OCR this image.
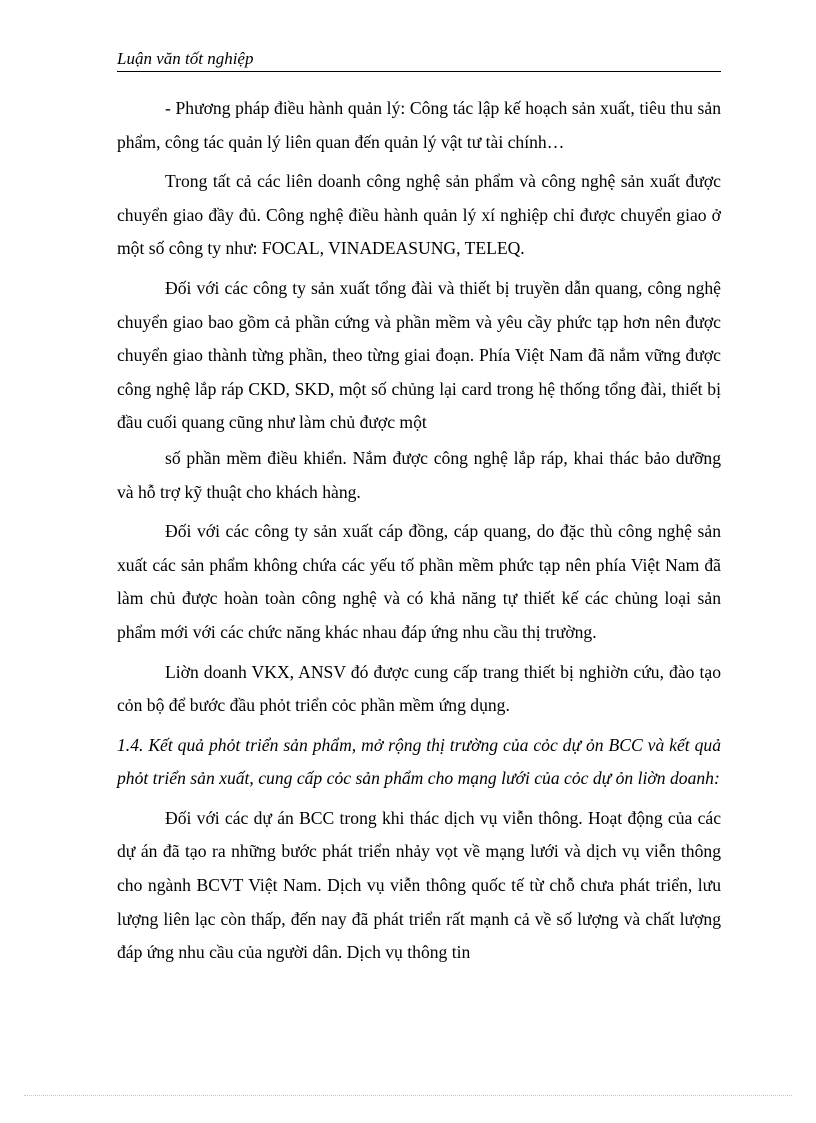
Luận văn tốt nghiệp

- Phương pháp điều hành quản lý: Công tác lập kế hoạch sản xuất, tiêu thu sản phẩm, công tác quản lý liên quan đến quản lý vật tư tài chính…

Trong tất cả các liên doanh công nghệ sản phẩm và công nghệ sản xuất được chuyển giao đầy đủ. Công nghệ điều hành quản lý xí nghiệp chỉ được chuyển giao ở một số công ty như: FOCAL, VINADEASUNG, TELEQ.

Đối với các công ty sản xuất tổng đài và thiết bị truyền dẫn quang, công nghệ chuyển giao bao gồm cả phần cứng và phần mềm và yêu cầy phức tạp hơn nên được chuyển giao thành từng phần, theo từng giai đoạn. Phía Việt Nam đã nắm vững được công nghệ lắp ráp CKD, SKD, một số chủng lại card trong hệ thống tổng đài, thiết bị đầu cuối quang cũng như làm chủ được một

số phần mềm điều khiển. Nắm được công nghệ lắp ráp, khai thác bảo dưỡng và hỗ trợ kỹ thuật cho khách hàng.

Đối với các công ty sản xuất cáp đồng, cáp quang, do đặc thù công nghệ sản xuất các sản phẩm không chứa các yếu tố phần mềm phức tạp nên phía Việt Nam đã làm chủ được hoàn toàn công nghệ và có khả năng tự thiết kế các chủng loại sản phẩm mới với các chức năng khác nhau đáp ứng nhu cầu thị trường.

Liờn doanh VKX, ANSV đó được cung cấp trang thiết bị nghiờn cứu, đào tạo cỏn bộ để bước đầu phỏt triển cỏc phần mềm ứng dụng.

1.4. Kết quả phỏt triển sản phẩm, mở rộng thị trường của cỏc dự ỏn BCC và kết quả phỏt triển sản xuất, cung cấp cỏc sản phẩm cho mạng lưới của cỏc dự ỏn liờn doanh:

Đối với các dự án BCC trong khi thác dịch vụ viễn thông. Hoạt động của các dự án đã tạo ra những bước phát triển nhảy vọt về mạng lưới và dịch vụ viễn thông cho ngành BCVT Việt Nam. Dịch vụ viễn thông quốc tế từ chỗ chưa phát triển, lưu lượng liên lạc còn thấp, đến nay đã phát triển rất mạnh cả về số lượng và chất lượng đáp ứng nhu cầu của người dân. Dịch vụ thông tin
